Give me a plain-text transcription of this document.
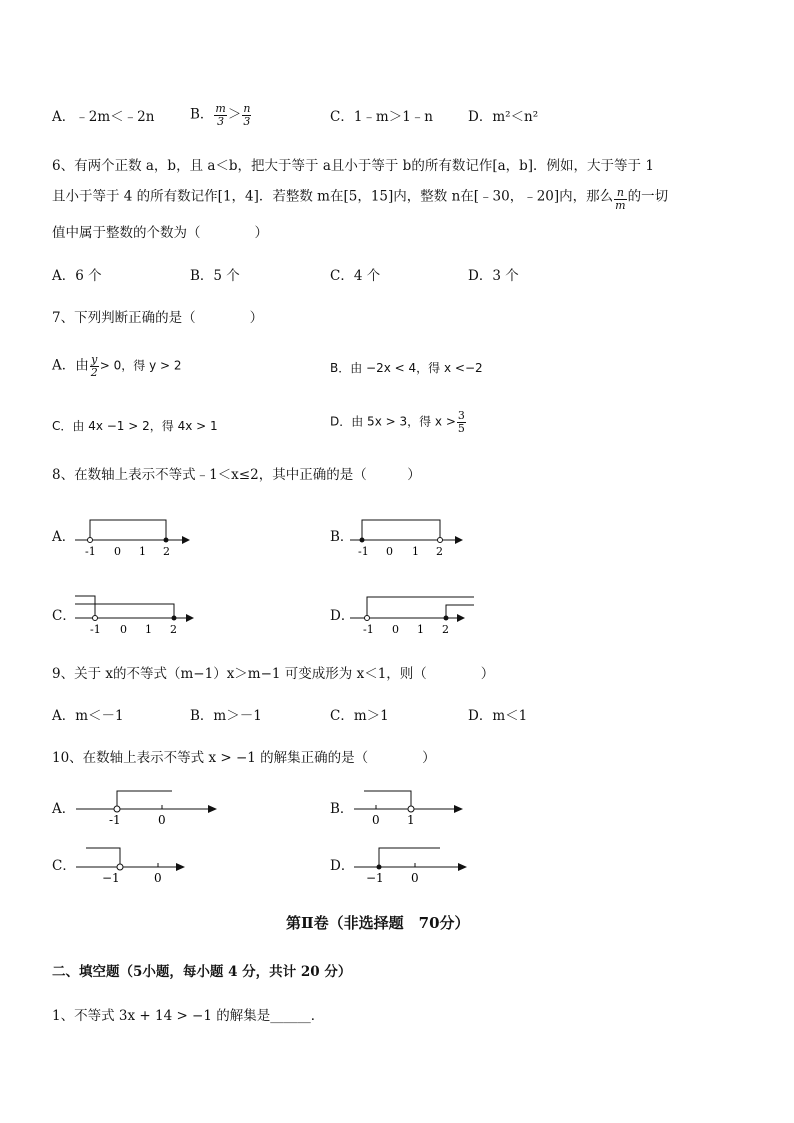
A．﹣2m＜﹣2n	B． $\frac{m}{3} > \frac{n}{3}$	C．1﹣m＞1﹣n	D．m²＜n²
6、有两个正数 a，b，且 a＜b，把大于等于 a且小于等于 b的所有数记作[a，b]．例如，大于等于 1
且小于等于 4 的所有数记作[1，4]．若整数 m在[5，15]内，整数 n在[﹣30，﹣20]内，那么 $\frac{n}{m}$ 的一切
值中属于整数的个数为（　　　　）
A．6 个	B．5 个	C．4 个	D．3 个
7、下列判断正确的是（　　　　）
A．由 $\frac{y}{2} > 0$，得 y > 2	B．由 −2x < 4，得 x <−2
C．由 4x −1 > 2，得 4x > 1	D．由 5x > 3，得 $x > \frac{3}{5}$
8、在数轴上表示不等式﹣1＜x≤2，其中正确的是（　　　）
A．	B．
C．	D．
-1 0 1 2	-1 0 1 2
-1 0 1 2	-1 0 1 2
9、关于 x的不等式（m−1）x＞m−1 可变成形为 x＜1，则（　　　　）
A．m＜－1	B．m＞－1	C．m＞1	D．m＜1
10、在数轴上表示不等式 x > −1 的解集正确的是（　　　　）
A．	B．
C．	D．
-1	0	0 1
−1	0	−1 0
第Ⅱ卷（非选择题　70分）
二、填空题（5小题，每小题 4 分，共计 20 分）
1、不等式 3x + 14 > −1 的解集是______．
